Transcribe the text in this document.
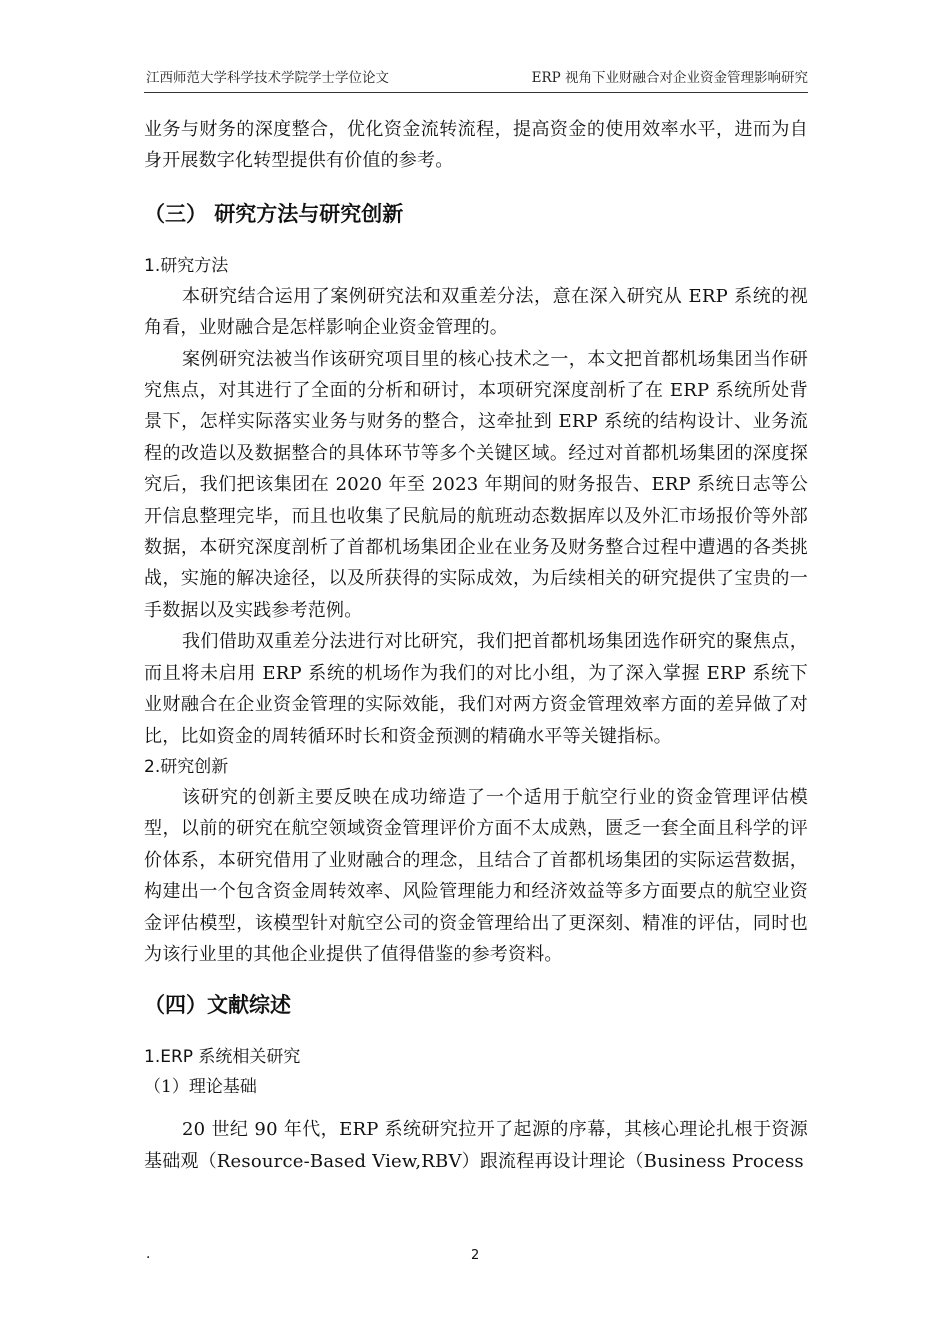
江西师范大学科学技术学院学士学位论文	ERP 视角下业财融合对企业资金管理影响研究

业务与财务的深度整合，优化资金流转流程，提高资金的使用效率水平，进而为自身开展数字化转型提供有价值的参考。

（三） 研究方法与研究创新
1.研究方法

本研究结合运用了案例研究法和双重差分法，意在深入研究从 ERP 系统的视角看，业财融合是怎样影响企业资金管理的。

案例研究法被当作该研究项目里的核心技术之一，本文把首都机场集团当作研究焦点，对其进行了全面的分析和研讨，本项研究深度剖析了在 ERP 系统所处背景下，怎样实际落实业务与财务的整合，这牵扯到 ERP 系统的结构设计、业务流程的改造以及数据整合的具体环节等多个关键区域。经过对首都机场集团的深度探究后，我们把该集团在 2020 年至 2023 年期间的财务报告、ERP 系统日志等公开信息整理完毕，而且也收集了民航局的航班动态数据库以及外汇市场报价等外部数据，本研究深度剖析了首都机场集团企业在业务及财务整合过程中遭遇的各类挑战，实施的解决途径，以及所获得的实际成效，为后续相关的研究提供了宝贵的一手数据以及实践参考范例。

我们借助双重差分法进行对比研究，我们把首都机场集团选作研究的聚焦点，而且将未启用 ERP 系统的机场作为我们的对比小组，为了深入掌握 ERP 系统下业财融合在企业资金管理的实际效能，我们对两方资金管理效率方面的差异做了对比，比如资金的周转循环时长和资金预测的精确水平等关键指标。

2.研究创新

该研究的创新主要反映在成功缔造了一个适用于航空行业的资金管理评估模型，以前的研究在航空领域资金管理评价方面不太成熟，匮乏一套全面且科学的评价体系，本研究借用了业财融合的理念，且结合了首都机场集团的实际运营数据，构建出一个包含资金周转效率、风险管理能力和经济效益等多方面要点的航空业资金评估模型，该模型针对航空公司的资金管理给出了更深刻、精准的评估，同时也为该行业里的其他企业提供了值得借鉴的参考资料。

（四）文献综述
1.ERP 系统相关研究
（1）理论基础

20 世纪 90 年代，ERP 系统研究拉开了起源的序幕，其核心理论扎根于资源基础观（Resource-Based View,RBV）跟流程再设计理论（Business Process

·	2
